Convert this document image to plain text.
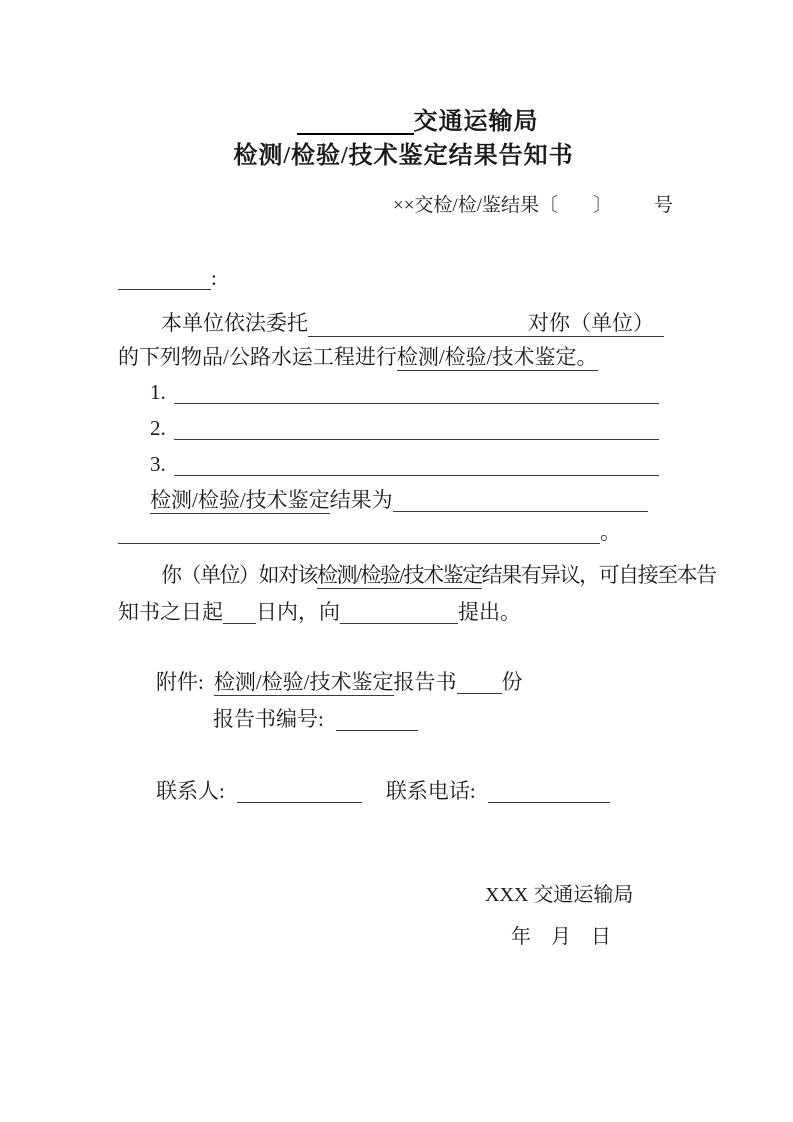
交通运输局
检测/检验/技术鉴定结果告知书
××交检/检/鉴结果〔 〕 号
:
本单位依法委托	对你（单位）
的下列物品/公路水运工程进行检测/检验/技术鉴定。
1.
2.
3.
检测/检验/技术鉴定结果为
。
你（单位）如对该检测/检验/技术鉴定结果有异议，可自接至本告
知书之日起 日内，向	提出。
附件: 检测/检验/技术鉴定报告书 份
报告书编号:
联系人:	联系电话:
XXX 交通运输局
年　月　日
